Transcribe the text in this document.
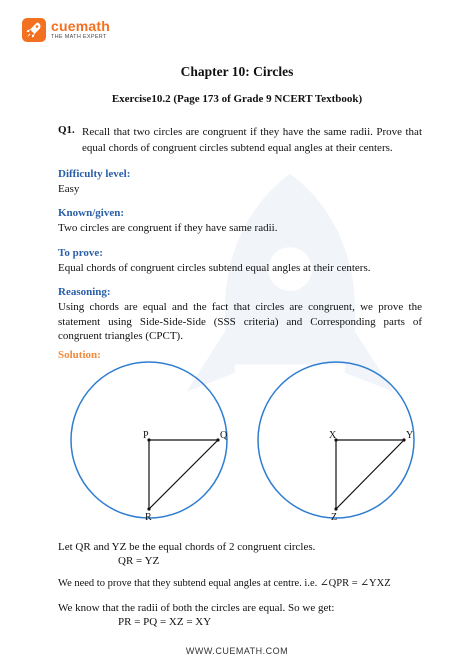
cuemath
THE MATH EXPERT
Chapter 10: Circles
Exercise10.2 (Page 173 of Grade 9 NCERT Textbook)
Q1. Recall that two circles are congruent if they have the same radii. Prove that equal chords of congruent circles subtend equal angles at their centers.
Difficulty level:
Easy
Known/given:
Two circles are congruent if they have same radii.
To prove:
Equal chords of congruent circles subtend equal angles at their centers.
Reasoning:
Using chords are equal and the fact that circles are congruent, we prove the statement using Side-Side-Side (SSS criteria) and Corresponding parts of congruent triangles (CPCT).
Solution:
P	Q
R
X	Y
Z
Let QR and YZ be the equal chords of 2 congruent circles.
QR = YZ
We need to prove that they subtend equal angles at centre. i.e. ∠QPR = ∠YXZ
We know that the radii of both the circles are equal. So we get:
PR = PQ = XZ = XY
WWW.CUEMATH.COM
